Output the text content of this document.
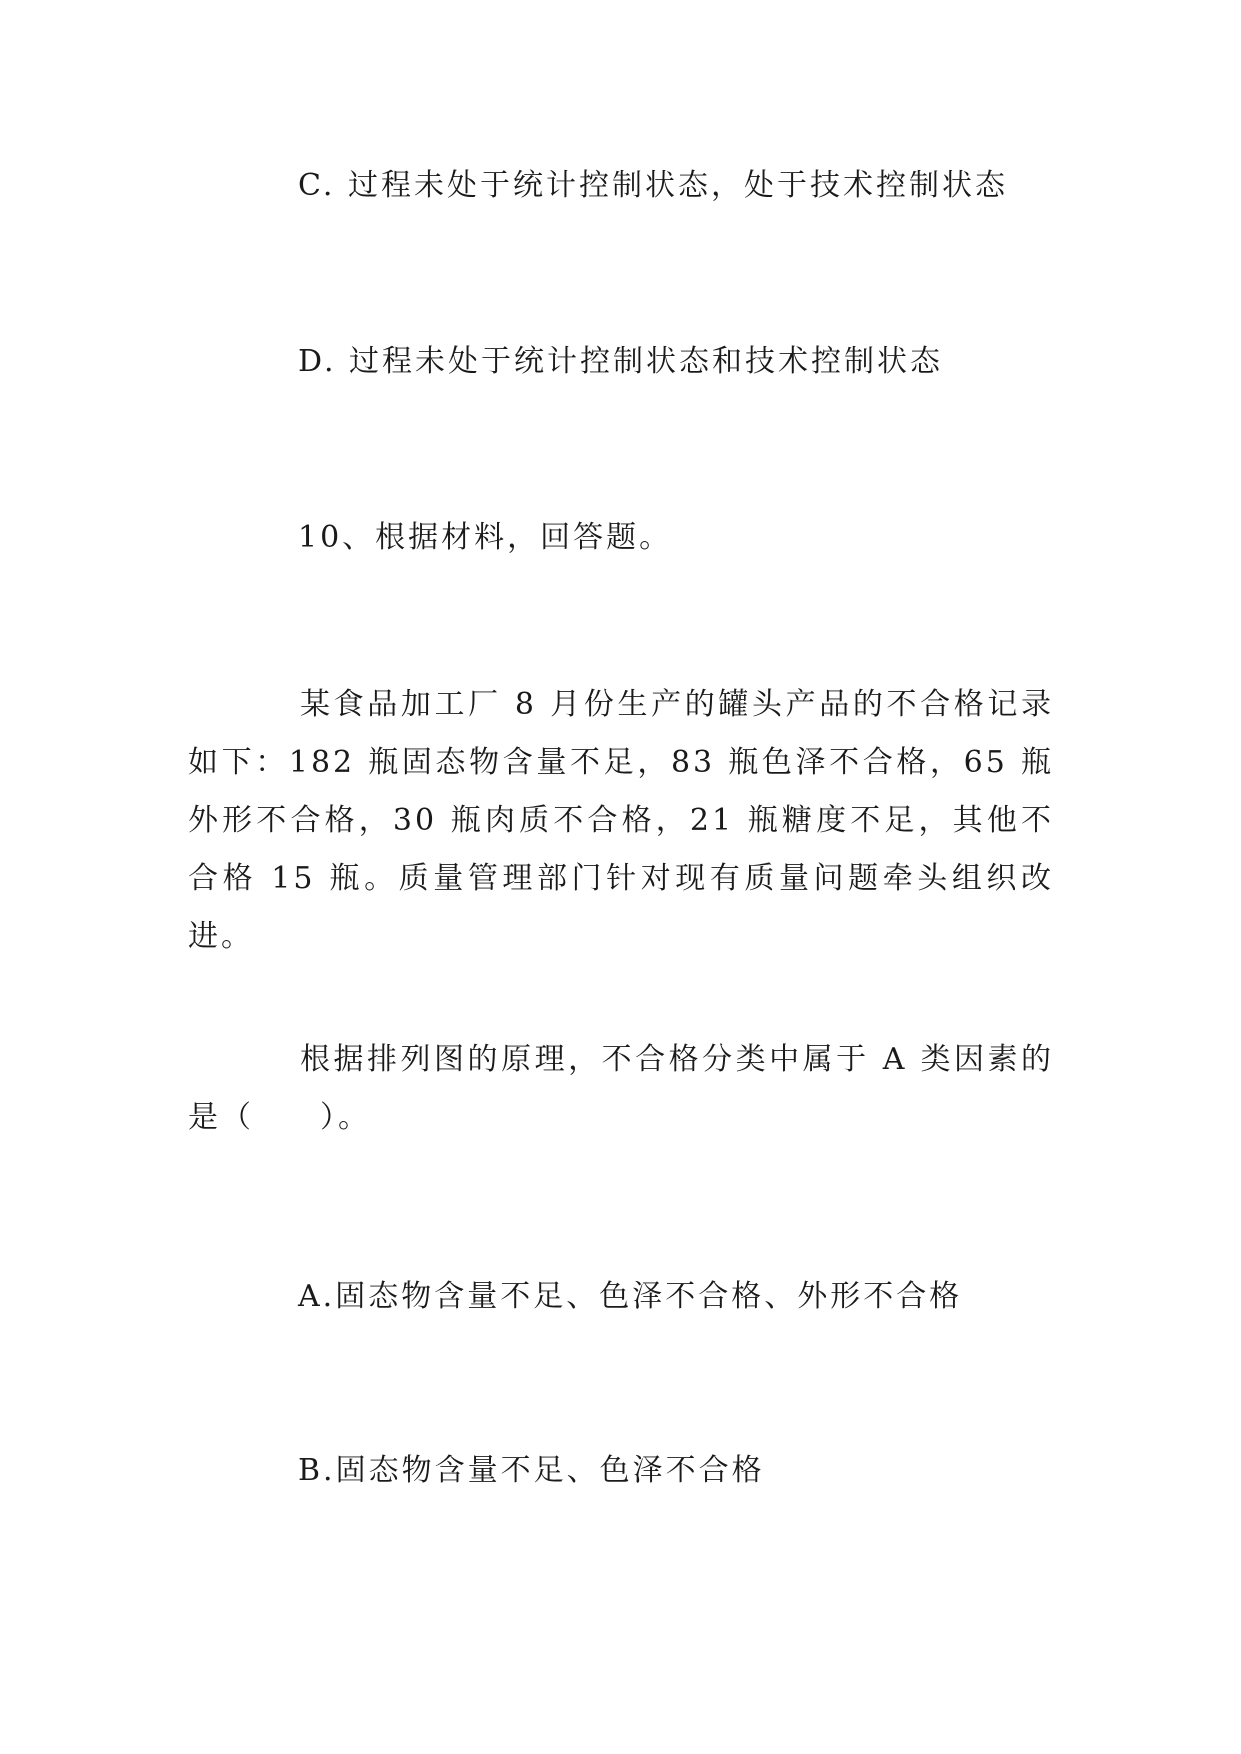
C. 过程未处于统计控制状态，处于技术控制状态

D. 过程未处于统计控制状态和技术控制状态

10、根据材料，回答题。

某食品加工厂 8 月份生产的罐头产品的不合格记录如下：182 瓶固态物含量不足，83 瓶色泽不合格，65 瓶外形不合格，30 瓶肉质不合格，21 瓶糖度不足，其他不合格 15 瓶。质量管理部门针对现有质量问题牵头组织改进。

根据排列图的原理，不合格分类中属于 A 类因素的是（　　）。

A.固态物含量不足、色泽不合格、外形不合格

B.固态物含量不足、色泽不合格
